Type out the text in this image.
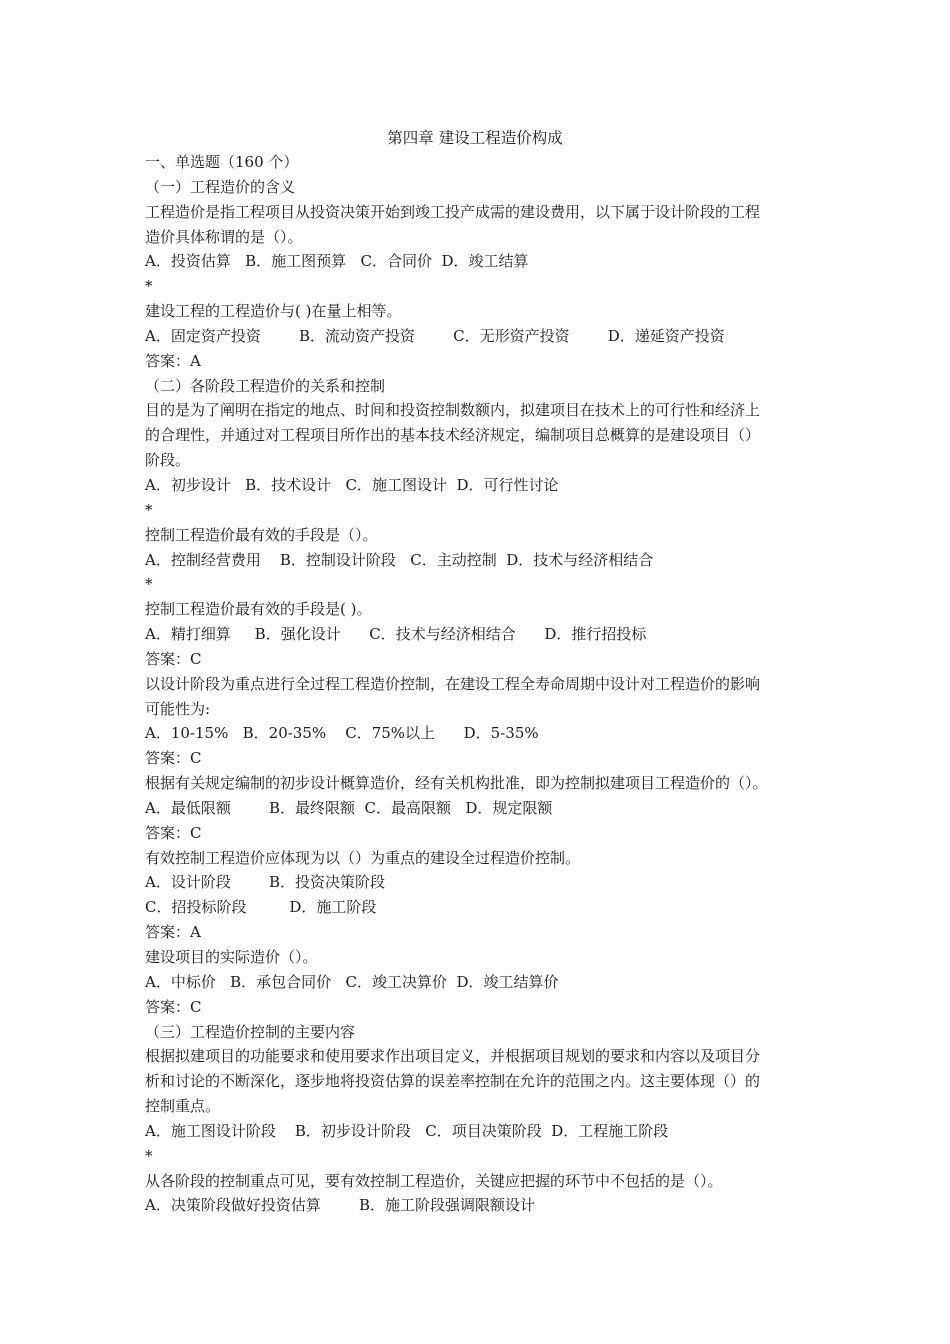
第四章 建设工程造价构成
一、单选题（160 个）
（一）工程造价的含义
工程造价是指工程项目从投资决策开始到竣工投产成需的建设费用，以下属于设计阶段的工程
造价具体称谓的是（）。
A．投资估算   B．施工图预算   C．合同价  D．竣工结算
*
建设工程的工程造价与( )在量上相等。
A．固定资产投资        B．流动资产投资        C．无形资产投资        D．递延资产投资
答案：A
（二）各阶段工程造价的关系和控制
目的是为了阐明在指定的地点、时间和投资控制数额内，拟建项目在技术上的可行性和经济上
的合理性，并通过对工程项目所作出的基本技术经济规定，编制项目总概算的是建设项目（）
阶段。
A．初步设计   B．技术设计   C．施工图设计  D．可行性讨论
*
控制工程造价最有效的手段是（）。
A．控制经营费用    B．控制设计阶段   C．主动控制  D．技术与经济相结合
*
控制工程造价最有效的手段是( )。
A．精打细算     B．强化设计      C．技术与经济相结合      D．推行招投标
答案：C
以设计阶段为重点进行全过程工程造价控制，在建设工程全寿命周期中设计对工程造价的影响
可能性为:
A．10-15%   B．20-35%    C．75%以上      D．5-35%
答案：C
根据有关规定编制的初步设计概算造价，经有关机构批准，即为控制拟建项目工程造价的（）。
A．最低限额        B．最终限额  C．最高限额   D．规定限额
答案：C
有效控制工程造价应体现为以（）为重点的建设全过程造价控制。
A．设计阶段        B．投资决策阶段
C．招投标阶段         D．施工阶段
答案：A
建设项目的实际造价（）。
A．中标价   B．承包合同价   C．竣工决算价  D．竣工结算价
答案：C
（三）工程造价控制的主要内容
根据拟建项目的功能要求和使用要求作出项目定义，并根据项目规划的要求和内容以及项目分
析和讨论的不断深化，逐步地将投资估算的误差率控制在允许的范围之内。这主要体现（）的
控制重点。
A．施工图设计阶段    B．初步设计阶段   C．项目决策阶段  D．工程施工阶段
*
从各阶段的控制重点可见，要有效控制工程造价，关键应把握的环节中不包括的是（）。
A．决策阶段做好投资估算        B．施工阶段强调限额设计
